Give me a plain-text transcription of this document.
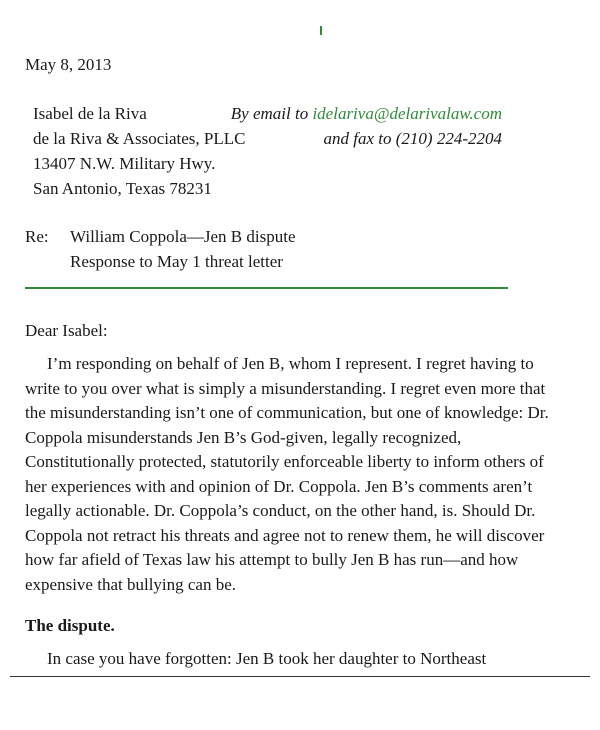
May 8, 2013
Isabel de la Riva
de la Riva & Associates, PLLC
13407 N.W. Military Hwy.
San Antonio, Texas 78231
By email to idelariva@delarivalaw.com
and fax to (210) 224-2204
Re: William Coppola—Jen B dispute
Response to May 1 threat letter
Dear Isabel:
I’m responding on behalf of Jen B, whom I represent. I regret having to
write to you over what is simply a misunderstanding. I regret even more that
the misunderstanding isn’t one of communication, but one of knowledge: Dr.
Coppola misunderstands Jen B’s God-given, legally recognized,
Constitutionally protected, statutorily enforceable liberty to inform others of
her experiences with and opinion of Dr. Coppola. Jen B’s comments aren’t
legally actionable. Dr. Coppola’s conduct, on the other hand, is. Should Dr.
Coppola not retract his threats and agree not to renew them, he will discover
how far afield of Texas law his attempt to bully Jen B has run—and how
expensive that bullying can be.
The dispute.
In case you have forgotten: Jen B took her daughter to Northeast
